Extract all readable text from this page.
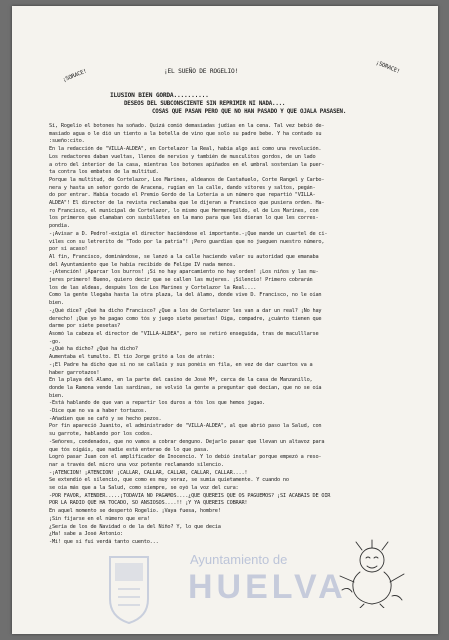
¡SORACE!
¡SORACE!
¡EL SUEÑO DE ROGELIO!
ILUSION BIEN GORDA..........
DESEOS DEL SUBCONSCIENTE SIN REPRIMIR NI NADA....
COSAS QUE PASAN PERO QUE NO HAN PASADO Y QUE OJALA PASASEN.
Sí, Rogelio el botones ha soñado. Quizá comió demasiadas judías en la cena. Tal vez bebió de-
masiado agua o le dió un tiento a la botella de vino que solo su padre bebe. Y ha contado su
:sueño:cito.
En la redacción de "VILLA-ALDEA", en Cortelazor la Real, había algo así como una revolución.
Los redactores daban vueltas, llenos de nervios y también de musculitos gordos, de un lado
a otro del interior de la casa, mientras los botones apiñados en el umbral sostenían la puer-
ta contra los embates de la multitud.
Porque la multitud, de Cortelazor, Los Marines, aldeanos de Castañuelo, Corte Rangel y Carbo-
nera y hasta un señor gordo de Aracena, rugían en la calle, dando vítores y saltos, pegán-
do por entrar. Había tocado el Premio Gordo de la Lotería a un número que repartió "VILLA-
ALDEA"! El director de la revista reclamaba que le dijeran a Francisco que pusiera orden. Ha-
ro Francisco, el municipal de Cortelazor, lo mismo que Hermenegildo, el de Los Marines, con
los primeros que clamaban con susbilletes en la mano para que les dieran lo que les corres-
pondía.
-¡Avisar a D. Pedro!-exigía el director haciéndose el importante.-¡Que mande un cuartel de ci-
viles con su letrerito de "Todo por la patria"! ¡Pero guardias que no jueguen nuestro número,
por si acaso!
Al fin, Francisco, dominándose, se lanzó a la calle haciendo valer su autoridad que emanaba
del Ayuntamiento que le había recibido de Felipe IV nada menos.
-¡Atención! ¡Aparcar los burros! ¡Si no hay aparcamiento no hay orden! ¡Los niños y las mu-
jeres primero! Bueno, quiero decir que se callen las mujeres. ¡Silencio! Primero cobrarán
los de las aldeas, después los de Los Marines y Cortelazor la Real....
Como la gente llegaba hasta la otra plaza, la del álamo, donde vive D. Francisco, no le oían
bien.
-¿Qué dice? ¿Qué ha dicho Francisco? ¿Que a los de Cortelazor les van a dar un real? ¡No hay
derecho! ¡Que yo he pagao como tós y juego siete pesetas! Oiga, compadre, ¿cuánto tienen que
darme por siete pesetas?
Asomó la cabeza el director de "VILLA-ALDEA", pero se retiró enseguida, tras de maculllarse
-go.
-¿Qué ha dicho? ¿Qué ha dicho?
Aumentaba el tumulto. El tío Jorge gritó a los de atrás:
-¡El Padre ha dicho que si no se callais y sus ponéis en fila, en vez de dar cuartos va a
haber garrotazos!
En la playa del Álamo, en la parte del casino de José Mª, cerca de la casa de Manzanillo,
donde la Ramona vende las sardinas, se volvió la gente a preguntar qué decían, que no se oía
bien.
-Está hablando de que van a repartir los duros a tós los que hemos jugao.
-Dice que no va a haber tortazos.
-Añadien que se cafó y se hecho pezos.
Por fin apareció Juanito, el administrador de "VILLA-ALDEA", al que abrió paso la Salud, con
su garrote, hablando por los codos.
-Señores, condenados, que no vamos a cobrar denguno. Dejarlo pasar que llevan un altavoz para
que tós oigáis, que nadie está enterao de lo que pasa.
Logró pasar Juan con el amplificador de Inocencio. Y lo debió instalar porque empezó a reso-
nar a través del micro una voz potente reclamando silencio.
-¡ATENCION! ¡ATENCION! ¡CALLAR, CALLAR, CALLAR, CALLAR, CALLAR....!
Se extendió el silencio, que como es muy voraz, se sumía quietamente. Y cuando no
se oía más que a la Salud, como siempre, se oyó la voz del cura:
-POR FAVOR, ATENDER.....¡TODAVIA NO PAGAMOS....¿QUE QUEREIS QUE OS PAGUEMOS? ¡SI ACABAIS DE OIR
POR LA RADIO QUE HA TOCADO, SO ANSIOSOS....!! ¡Y YA QUEREIS COBRAR!
En aquel momento se despertó Rogelio. ¡Vaya fuesa, hombre!
¡Sin fijarse en el número que era!
¿Sería de los de Navidad o de la del Niño? Y, lo que decía
¿Ha! sabe a José Antonio:
-Mi! que si fuí verdá tanto cuento...
Ayuntamiento de
HUELVA
